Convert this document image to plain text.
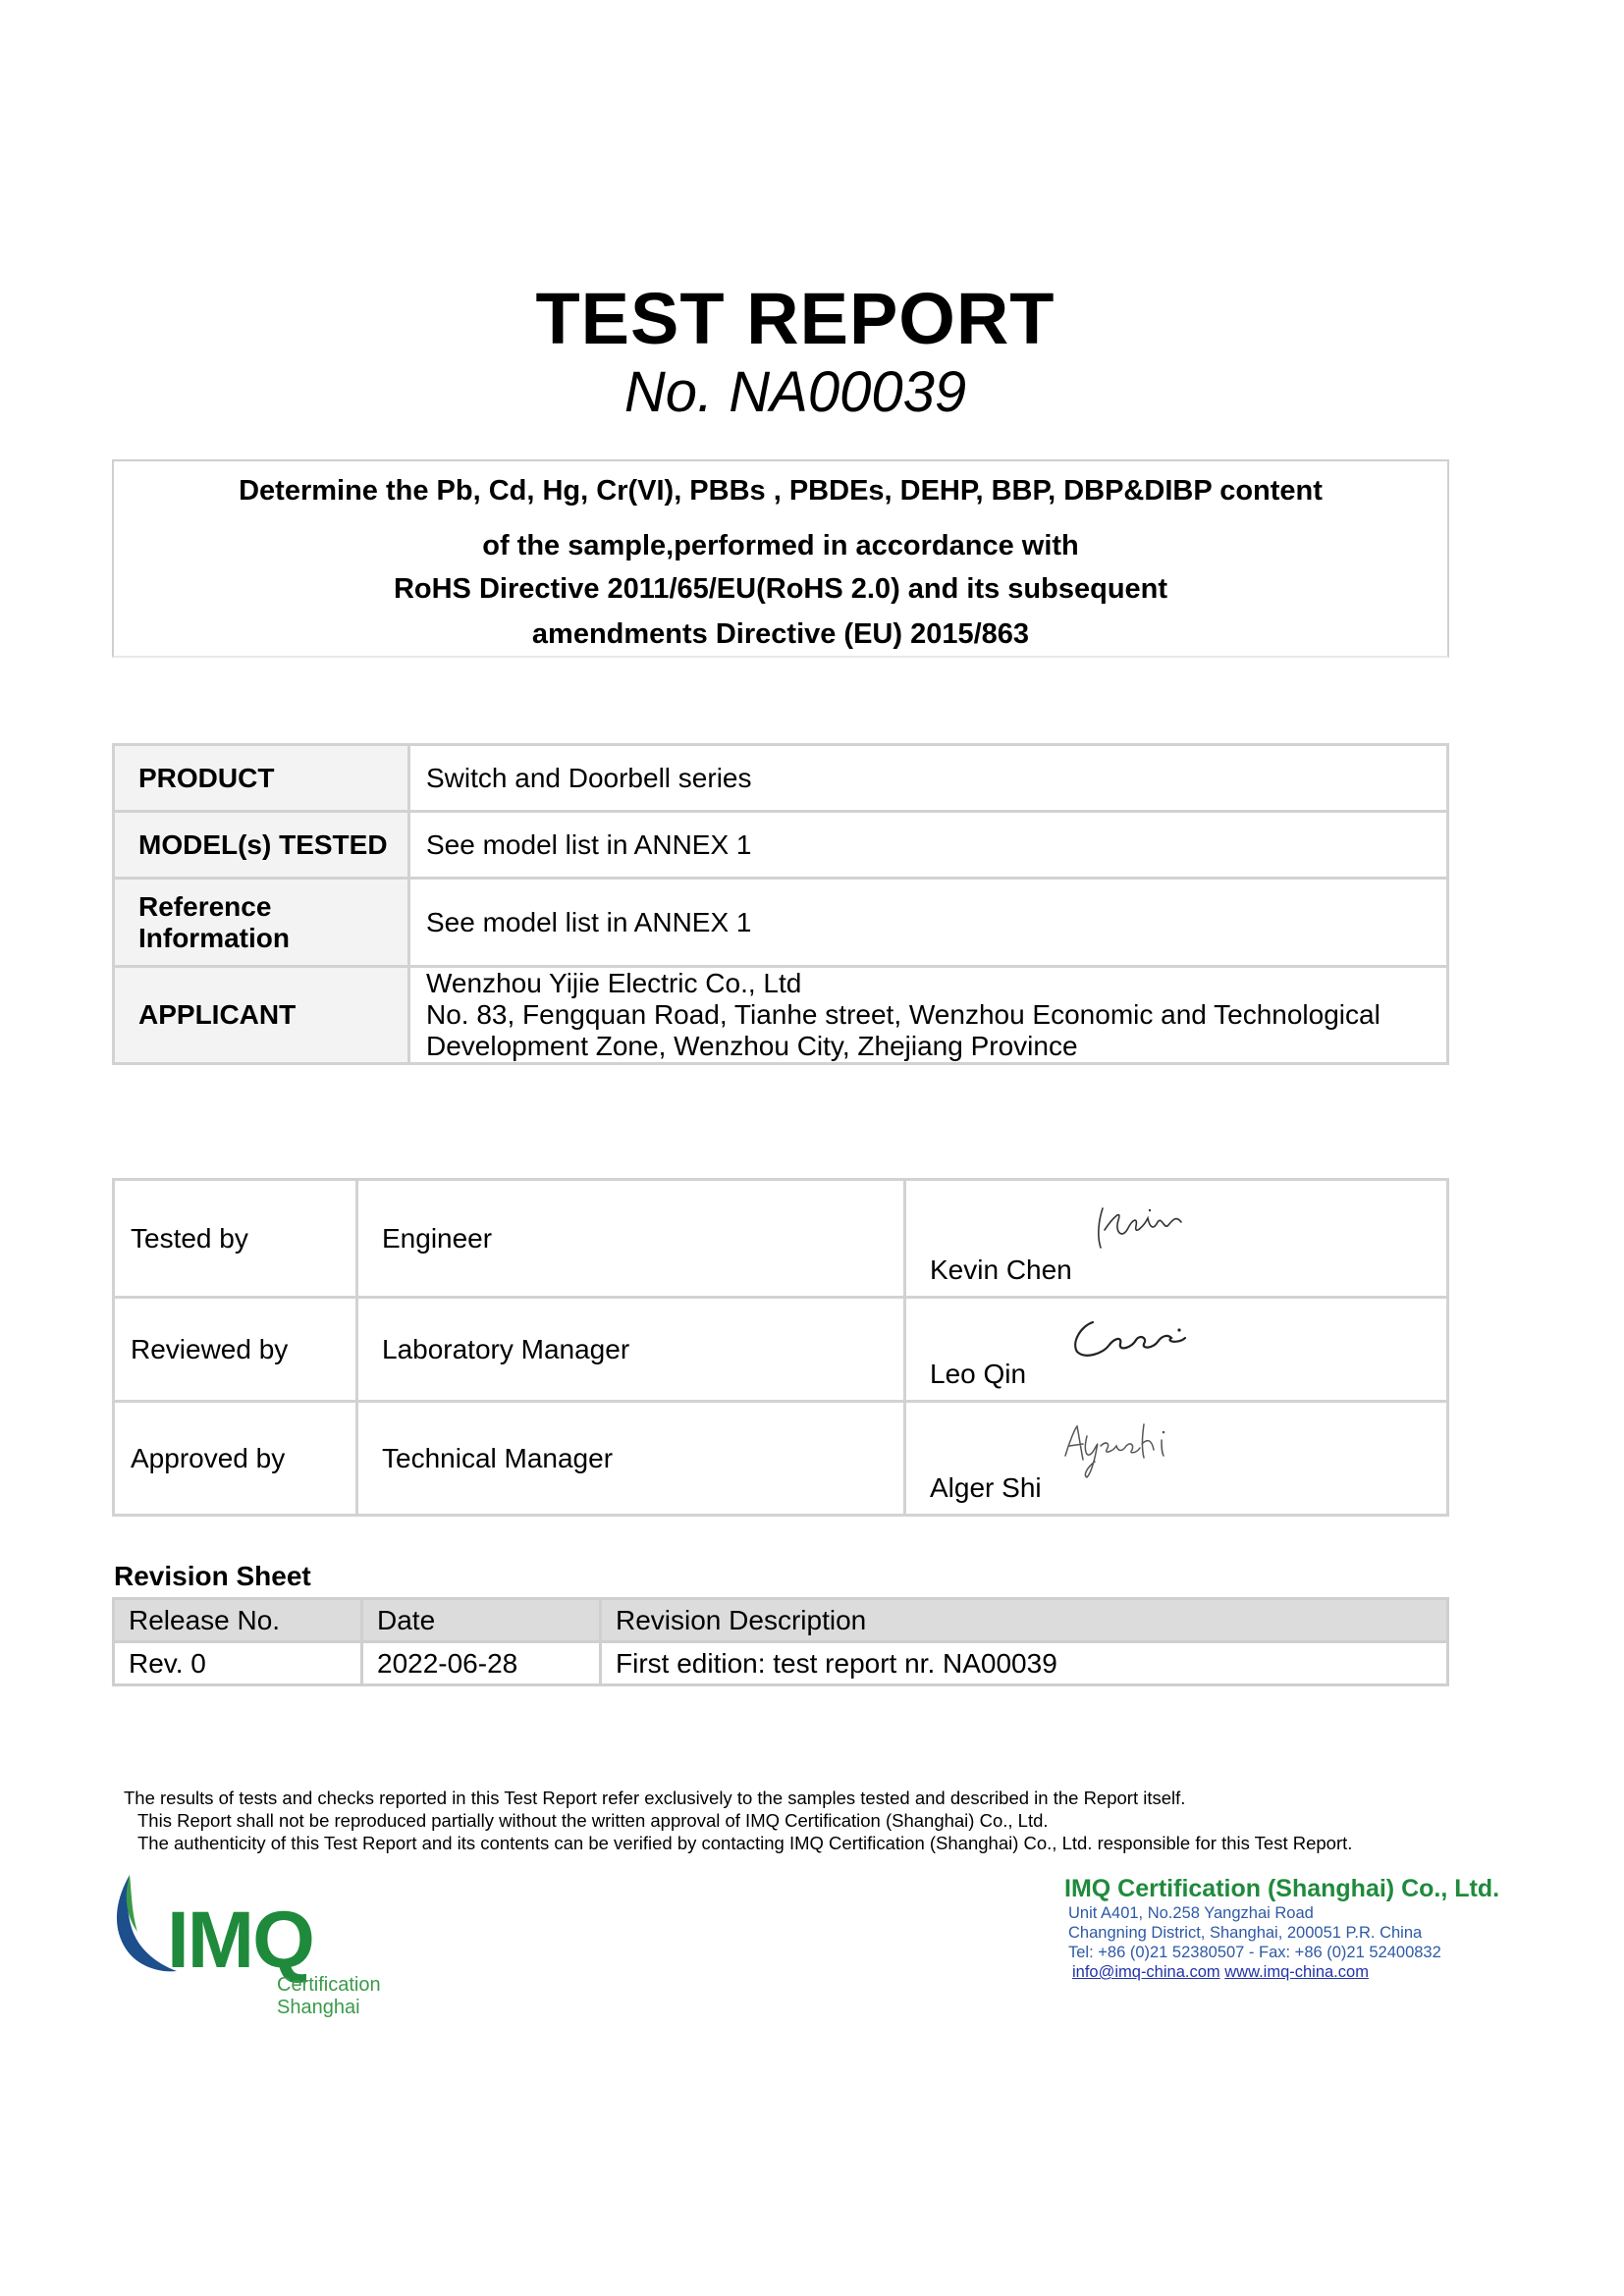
TEST REPORT
No. NA00039
Determine the Pb, Cd, Hg, Cr(VI), PBBs , PBDEs, DEHP, BBP, DBP&DIBP content
of the sample,performed in accordance with
RoHS Directive 2011/65/EU(RoHS 2.0) and its subsequent
amendments Directive (EU) 2015/863
PRODUCT	Switch and Doorbell series
MODEL(s) TESTED	See model list in ANNEX 1

Reference
Information	See model list in ANNEX 1
APPLICANT	Wenzhou Yijie Electric Co., Ltd
No. 83, Fengquan Road, Tianhe street, Wenzhou Economic and Technological
Development Zone, Wenzhou City, Zhejiang Province
Tested by	Engineer	Kevin Chen

Reviewed by	Laboratory Manager	Leo Qin

Approved by	Technical Manager	Alger Shi
Revision Sheet
Release No.	Date	Revision Description
Rev. 0	2022-06-28	First edition: test report nr. NA00039
The results of tests and checks reported in this Test Report refer exclusively to the samples tested and described in the Report itself.
This Report shall not be reproduced partially without the written approval of IMQ Certification (Shanghai) Co., Ltd.
The authenticity of this Test Report and its contents can be verified by contacting IMQ Certification (Shanghai) Co., Ltd. responsible for this Test Report.
IMQ
Certification
Shanghai
IMQ Certification (Shanghai) Co., Ltd.
Unit A401, No.258 Yangzhai Road
Changning District, Shanghai, 200051 P.R. China
Tel: +86 (0)21 52380507 - Fax: +86 (0)21 52400832
info@imq-china.com www.imq-china.com
